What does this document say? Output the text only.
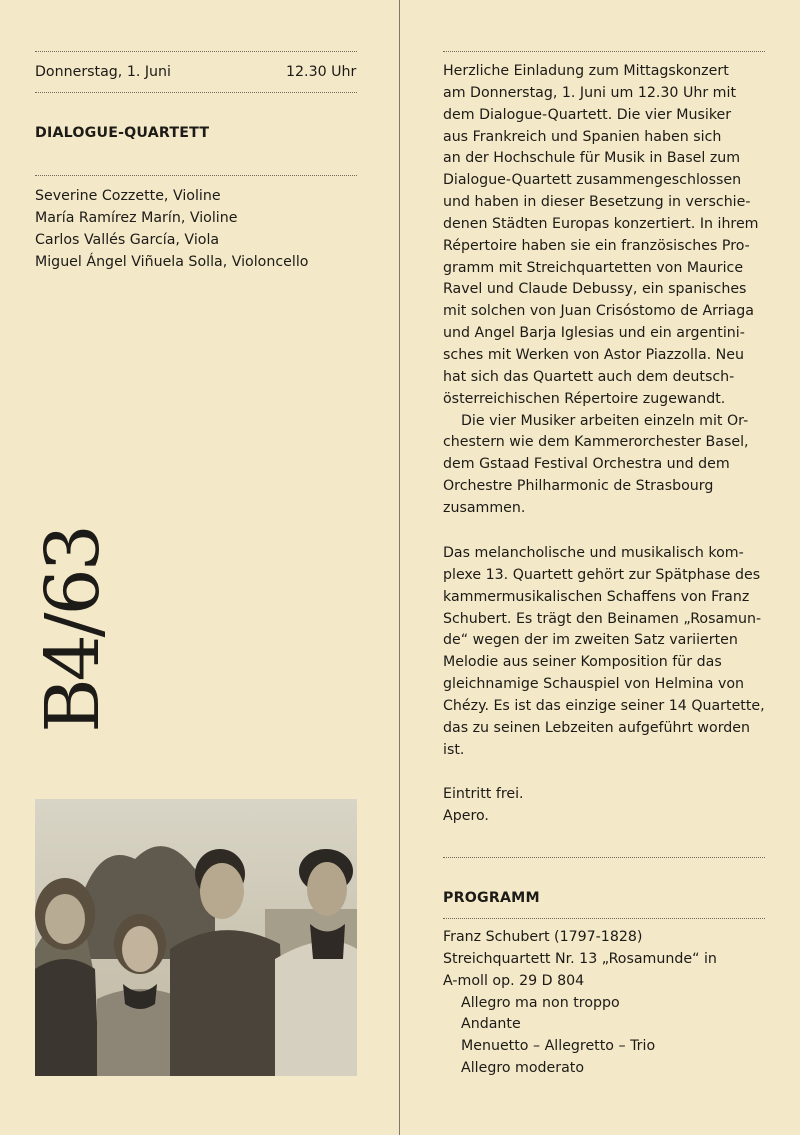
Donnerstag, 1. Juni	12.30 Uhr
DIALOGUE-QUARTETT
Severine Cozzette, Violine
María Ramírez Marín, Violine
Carlos Vallés García, Viola
Miguel Ángel Viñuela Solla, Violoncello
B4/63
Herzliche Einladung zum Mittagskonzert
am Donnerstag, 1. Juni um 12.30 Uhr mit
dem Dialogue-Quartett. Die vier Musiker
aus Frankreich und Spanien haben sich
an der Hochschule für Musik in Basel zum
Dialogue-Quartett zusammengeschlossen
und haben in dieser Besetzung in verschie-
denen Städten Europas konzertiert. In ihrem
Répertoire haben sie ein französisches Pro-
gramm mit Streichquartetten von Maurice
Ravel und Claude Debussy, ein spanisches
mit solchen von Juan Crisóstomo de Arriaga
und Angel Barja Iglesias und ein argentini-
sches mit Werken von Astor Piazzolla. Neu
hat sich das Quartett auch dem deutsch-
österreichischen Répertoire zugewandt.
Die vier Musiker arbeiten einzeln mit Or-
chestern wie dem Kammerorchester Basel,
dem Gstaad Festival Orchestra und dem
Orchestre Philharmonic de Strasbourg
zusammen.
Das melancholische und musikalisch kom-
plexe 13. Quartett gehört zur Spätphase des
kammermusikalischen Schaffens von Franz
Schubert. Es trägt den Beinamen „Rosamun-
de“ wegen der im zweiten Satz variierten
Melodie aus seiner Komposition für das
gleichnamige Schauspiel von Helmina von
Chézy. Es ist das einzige seiner 14 Quartette,
das zu seinen Lebzeiten aufgeführt worden
ist.
Eintritt frei.
Apero.
PROGRAMM
Franz Schubert (1797-1828)
Streichquartett Nr. 13 „Rosamunde“ in
A-moll op. 29 D 804
Allegro ma non troppo
Andante
Menuetto – Allegretto – Trio
Allegro moderato
